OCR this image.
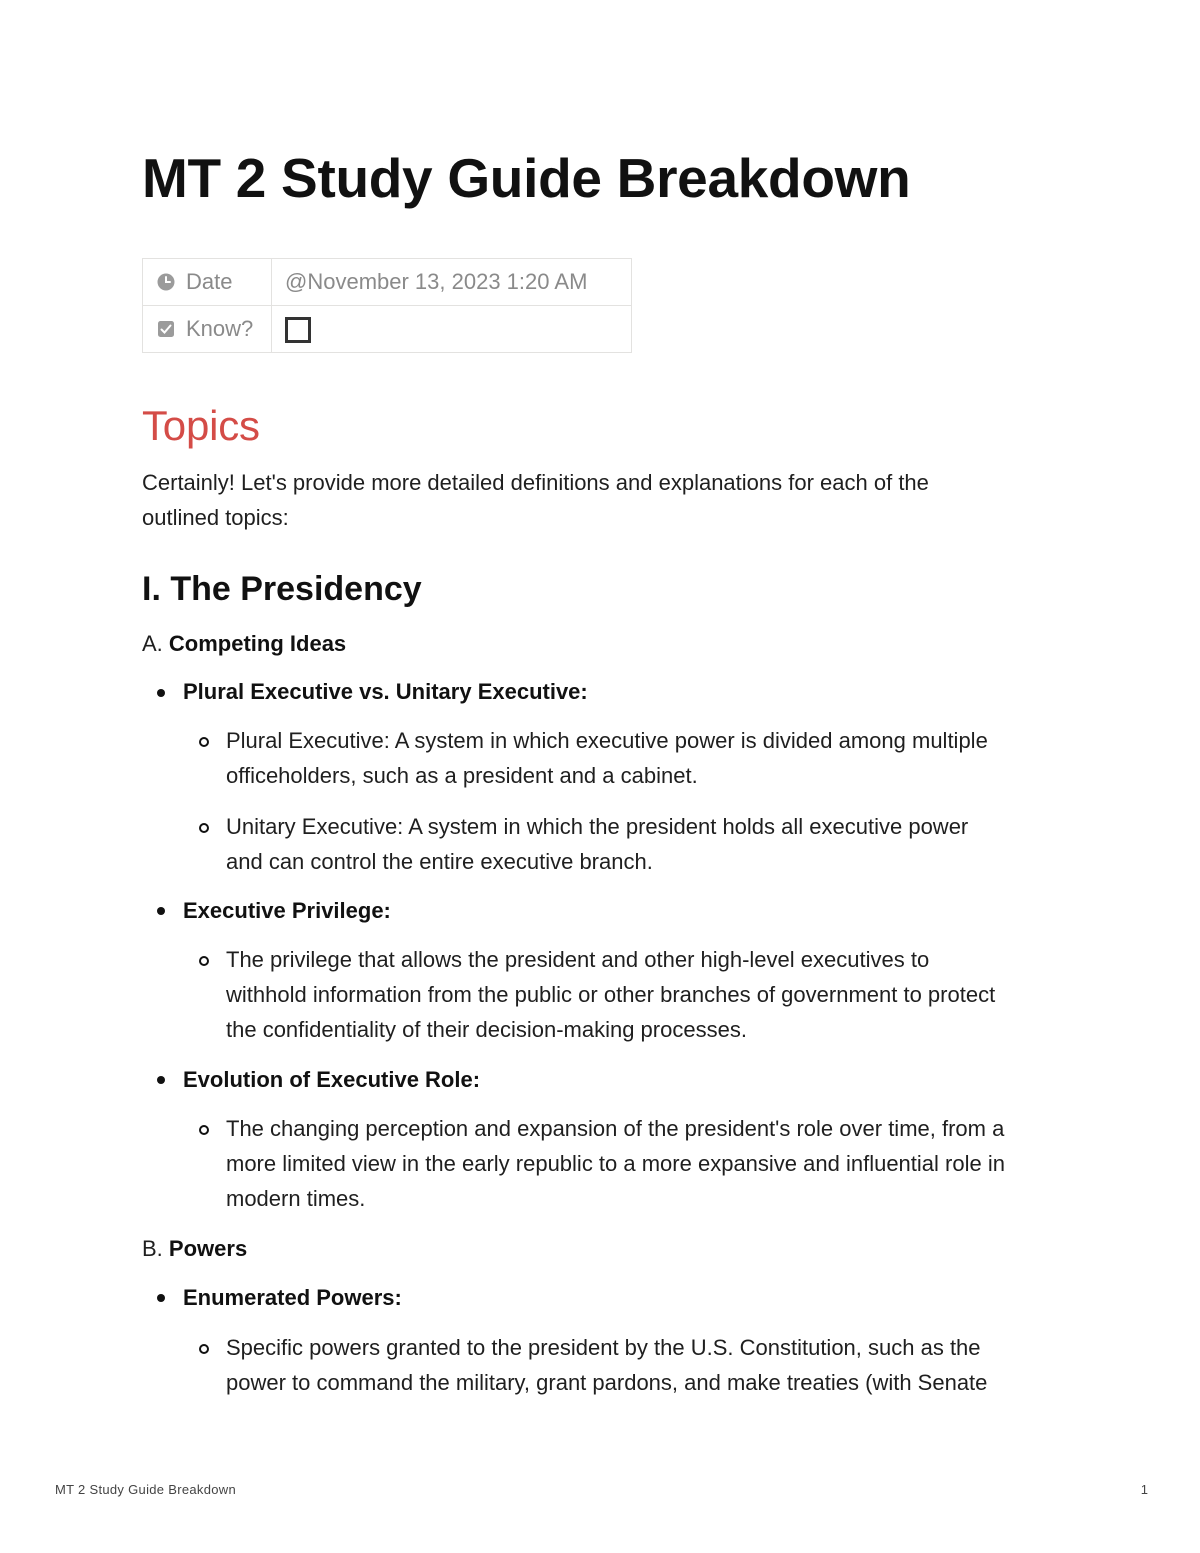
MT 2 Study Guide Breakdown
Date	@November 13, 2023 1:20 AM

Know?	

Topics

Certainly! Let's provide more detailed definitions and explanations for each of the

outlined topics:

I. The Presidency
A. Competing Ideas
Plural Executive vs. Unitary Executive:
Plural Executive: A system in which executive power is divided among multiple
officeholders, such as a president and a cabinet.
Unitary Executive: A system in which the president holds all executive power
and can control the entire executive branch.
Executive Privilege:
The privilege that allows the president and other high-level executives to
withhold information from the public or other branches of government to protect
the confidentiality of their decision-making processes.
Evolution of Executive Role:
The changing perception and expansion of the president's role over time, from a
more limited view in the early republic to a more expansive and influential role in
modern times.
B. Powers
Enumerated Powers:
Specific powers granted to the president by the U.S. Constitution, such as the
power to command the military, grant pardons, and make treaties (with Senate
MT 2 Study Guide Breakdown	1
